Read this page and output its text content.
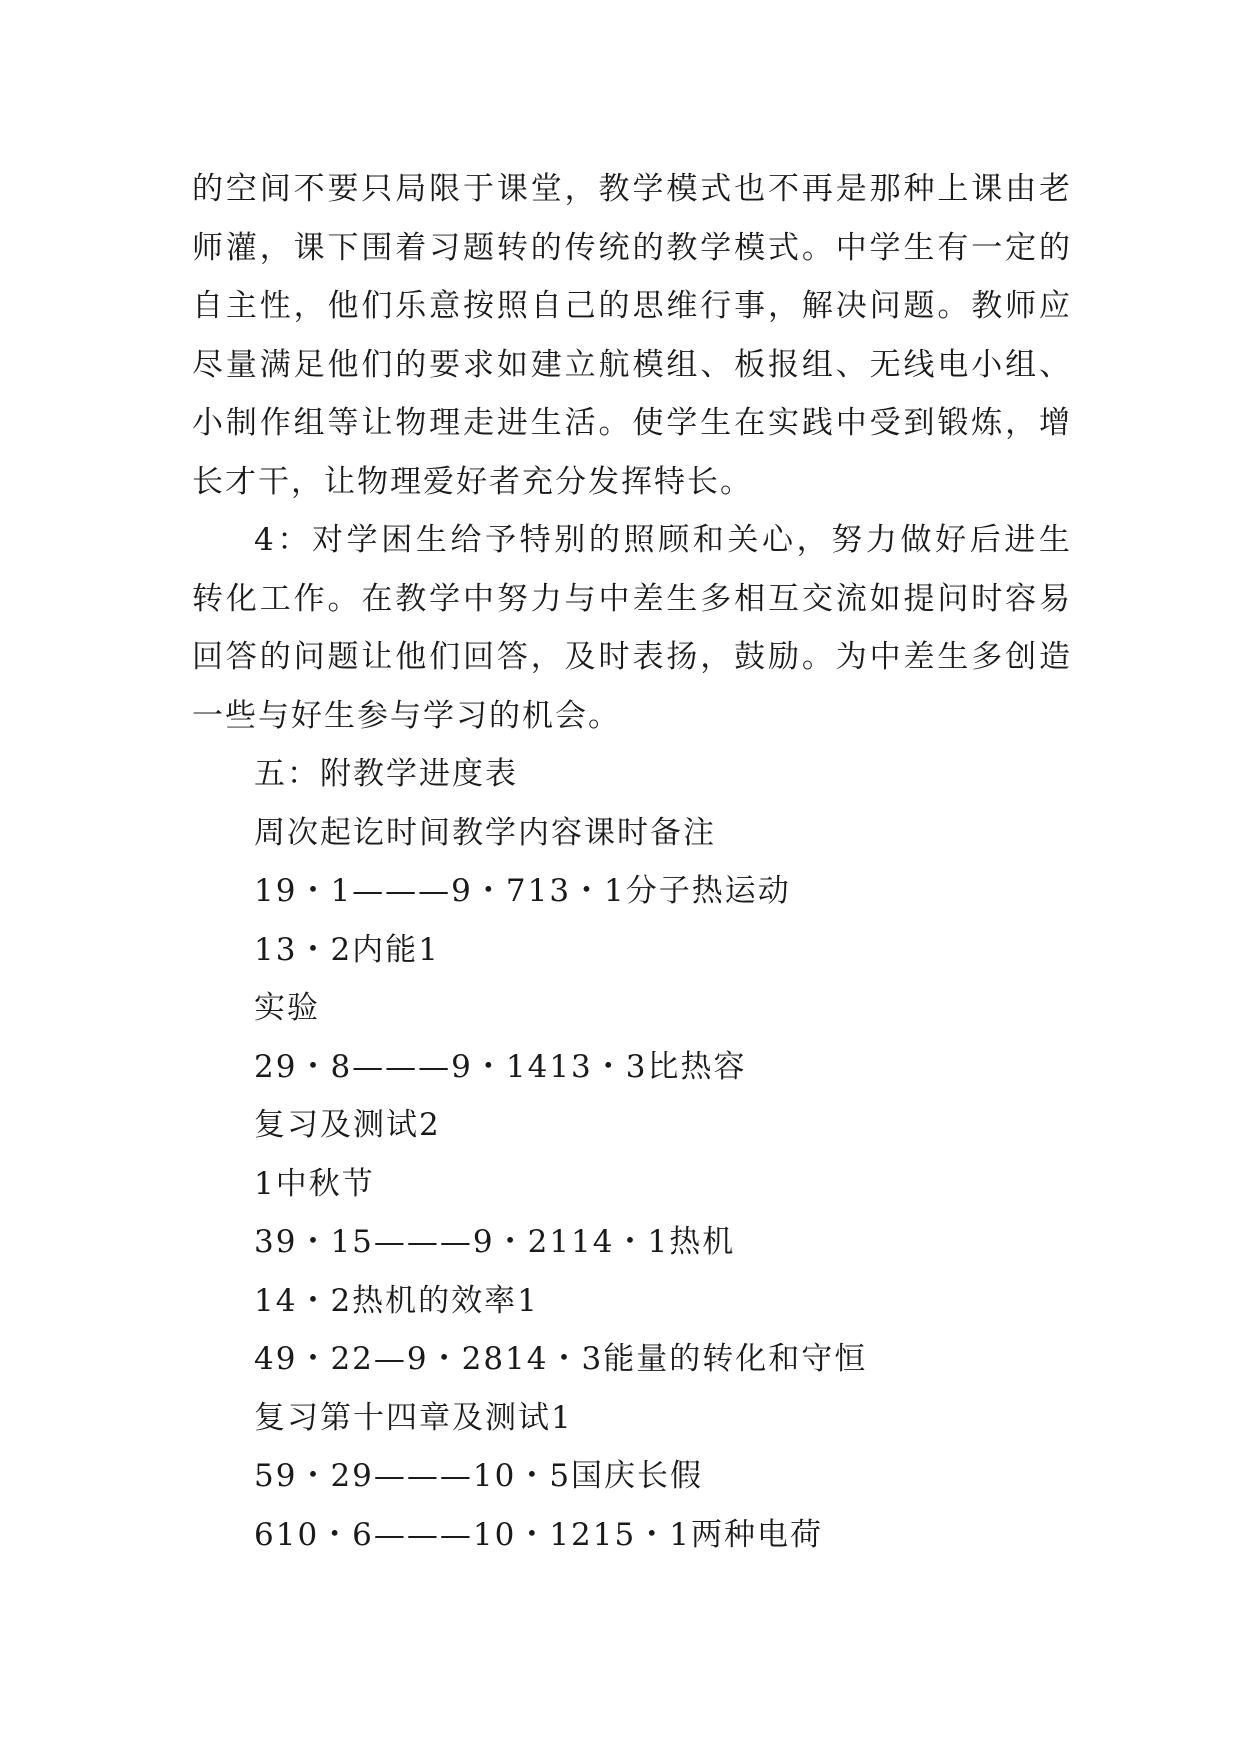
的空间不要只局限于课堂，教学模式也不再是那种上课由老
师灌，课下围着习题转的传统的教学模式。中学生有一定的
自主性，他们乐意按照自己的思维行事，解决问题。教师应
尽量满足他们的要求如建立航模组、板报组、无线电小组、
小制作组等让物理走进生活。使学生在实践中受到锻炼，增
长才干，让物理爱好者充分发挥特长。
4：对学困生给予特别的照顾和关心，努力做好后进生
转化工作。在教学中努力与中差生多相互交流如提问时容易
回答的问题让他们回答，及时表扬，鼓励。为中差生多创造
一些与好生参与学习的机会。
五：附教学进度表
周次起讫时间教学内容课时备注
19・1———9・713・1分子热运动
13・2内能1
实验
29・8———9・1413・3比热容
复习及测试2
1中秋节
39・15———9・2114・1热机
14・2热机的效率1
49・22—9・2814・3能量的转化和守恒
复习第十四章及测试1
59・29———10・5国庆长假
610・6———10・1215・1两种电荷
